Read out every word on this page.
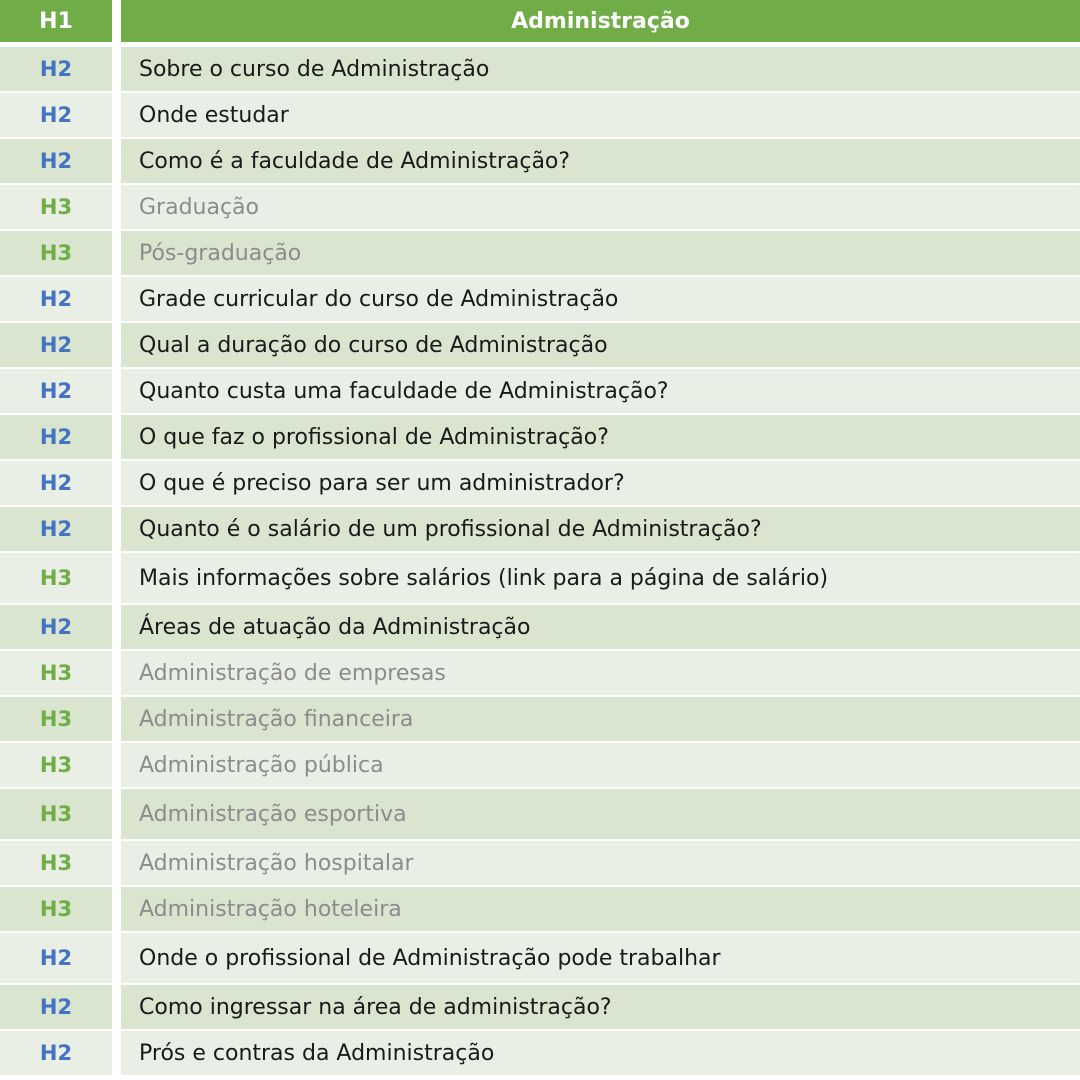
H1	Administração
H2	Sobre o curso de Administração
H2	Onde estudar
H2	Como é a faculdade de Administração?
H3	Graduação
H3	Pós-graduação
H2	Grade curricular do curso de Administração
H2	Qual a duração do curso de Administração
H2	Quanto custa uma faculdade de Administração?
H2	O que faz o profissional de Administração?
H2	O que é preciso para ser um administrador?
H2	Quanto é o salário de um profissional de Administração?
H3	Mais informações sobre salários (link para a página de salário)
H2	Áreas de atuação da Administração
H3	Administração de empresas
H3	Administração financeira
H3	Administração pública
H3	Administração esportiva
H3	Administração hospitalar
H3	Administração hoteleira
H2	Onde o profissional de Administração pode trabalhar
H2	Como ingressar na área de administração?
H2	Prós e contras da Administração
